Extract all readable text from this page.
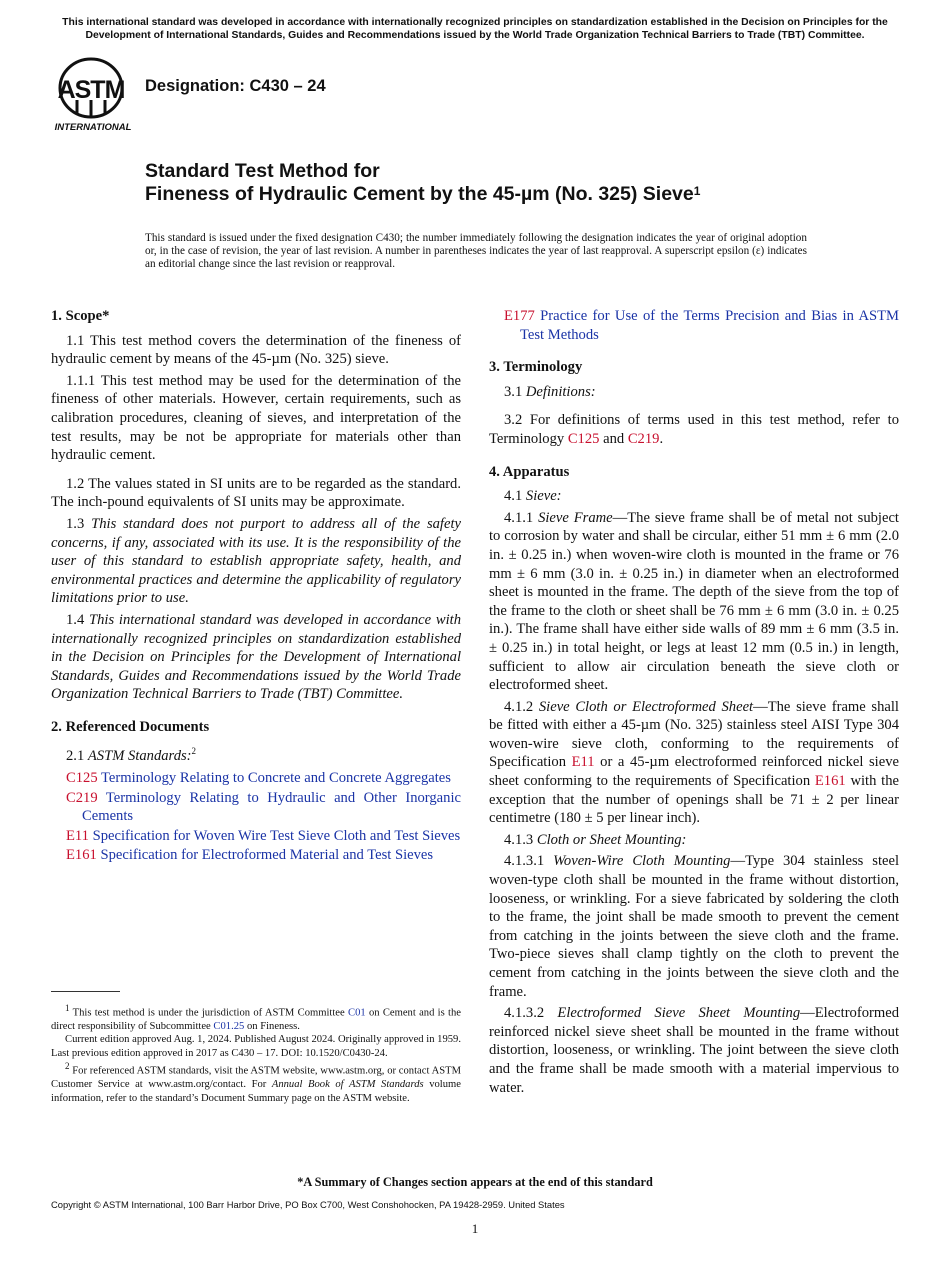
This international standard was developed in accordance with internationally recognized principles on standardization established in the Decision on Principles for the Development of International Standards, Guides and Recommendations issued by the World Trade Organization Technical Barriers to Trade (TBT) Committee.
ASTM
INTERNATIONAL
Designation: C430 – 24
Standard Test Method for
Fineness of Hydraulic Cement by the 45-µm (No. 325) Sieve$^1$
This standard is issued under the fixed designation C430; the number immediately following the designation indicates the year of original adoption or, in the case of revision, the year of last revision. A number in parentheses indicates the year of last reapproval. A superscript epsilon (ε) indicates an editorial change since the last revision or reapproval.
1. Scope*

1.1 This test method covers the determination of the fineness of hydraulic cement by means of the 45-µm (No. 325) sieve.

1.1.1 This test method may be used for the determination of the fineness of other materials. However, certain requirements, such as calibration procedures, cleaning of sieves, and interpretation of the test results, may be not be appropriate for materials other than hydraulic cement.

1.2 The values stated in SI units are to be regarded as the standard. The inch-pound equivalents of SI units may be approximate.

1.3 This standard does not purport to address all of the safety concerns, if any, associated with its use. It is the responsibility of the user of this standard to establish appropriate safety, health, and environmental practices and determine the applicability of regulatory limitations prior to use.

1.4 This international standard was developed in accordance with internationally recognized principles on standardization established in the Decision on Principles for the Development of International Standards, Guides and Recommendations issued by the World Trade Organization Technical Barriers to Trade (TBT) Committee.

2. Referenced Documents

2.1 ASTM Standards:$^2$

C125 Terminology Relating to Concrete and Concrete Aggregates

C219 Terminology Relating to Hydraulic and Other Inorganic Cements

E11 Specification for Woven Wire Test Sieve Cloth and Test Sieves

E161 Specification for Electroformed Material and Test Sieves

$^1$ This test method is under the jurisdiction of ASTM Committee C01 on Cement and is the direct responsibility of Subcommittee C01.25 on Fineness.

Current edition approved Aug. 1, 2024. Published August 2024. Originally approved in 1959. Last previous edition approved in 2017 as C430 – 17. DOI: 10.1520/C0430-24.

$^2$ For referenced ASTM standards, visit the ASTM website, www.astm.org, or contact ASTM Customer Service at www.astm.org/contact. For Annual Book of ASTM Standards volume information, refer to the standard’s Document Summary page on the ASTM website.

E177 Practice for Use of the Terms Precision and Bias in ASTM Test Methods

3. Terminology

3.1 Definitions:

3.2 For definitions of terms used in this test method, refer to Terminology C125 and C219.

4. Apparatus

4.1 Sieve:

4.1.1 Sieve Frame—The sieve frame shall be of metal not subject to corrosion by water and shall be circular, either 51 mm ± 6 mm (2.0 in. ± 0.25 in.) when woven-wire cloth is mounted in the frame or 76 mm ± 6 mm (3.0 in. ± 0.25 in.) in diameter when an electroformed sheet is mounted in the frame. The depth of the sieve from the top of the frame to the cloth or sheet shall be 76 mm ± 6 mm (3.0 in. ± 0.25 in.). The frame shall have either side walls of 89 mm ± 6 mm (3.5 in. ± 0.25 in.) in total height, or legs at least 12 mm (0.5 in.) in length, sufficient to allow air circulation beneath the sieve cloth or electroformed sheet.

4.1.2 Sieve Cloth or Electroformed Sheet—The sieve frame shall be fitted with either a 45-µm (No. 325) stainless steel AISI Type 304 woven-wire sieve cloth, conforming to the requirements of Specification E11 or a 45-µm electroformed reinforced nickel sieve sheet conforming to the requirements of Specification E161 with the exception that the number of openings shall be 71 ± 2 per linear centimetre (180 ± 5 per linear inch).

4.1.3 Cloth or Sheet Mounting:

4.1.3.1 Woven-Wire Cloth Mounting—Type 304 stainless steel woven-type cloth shall be mounted in the frame without distortion, looseness, or wrinkling. For a sieve fabricated by soldering the cloth to the frame, the joint shall be made smooth to prevent the cement from catching in the joints between the sieve cloth and the frame. Two-piece sieves shall clamp tightly on the cloth to prevent the cement from catching in the joints between the sieve cloth and the frame.

4.1.3.2 Electroformed Sieve Sheet Mounting—Electroformed reinforced nickel sieve sheet shall be mounted in the frame without distortion, looseness, or wrinkling. The joint between the sieve cloth and the frame shall be made smooth with a material impervious to water.

*A Summary of Changes section appears at the end of this standard
Copyright © ASTM International, 100 Barr Harbor Drive, PO Box C700, West Conshohocken, PA 19428-2959. United States
1
